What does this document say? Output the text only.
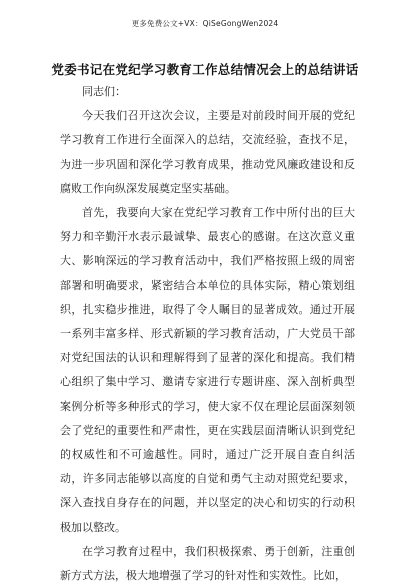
更多免费公文+VX：QiSeGongWen2024
党委书记在党纪学习教育工作总结情况会上的总结讲话

同志们：

今天我们召开这次会议，主要是对前段时间开展的党纪学习教育工作进行全面深入的总结，交流经验，查找不足，为进一步巩固和深化学习教育成果，推动党风廉政建设和反腐败工作向纵深发展奠定坚实基础。

首先，我要向大家在党纪学习教育工作中所付出的巨大努力和辛勤汗水表示最诚挚、最衷心的感谢。在这次意义重大、影响深远的学习教育活动中，我们严格按照上级的周密部署和明确要求，紧密结合本单位的具体实际，精心策划组织，扎实稳步推进，取得了令人瞩目的显著成效。通过开展一系列丰富多样、形式新颖的学习教育活动，广大党员干部对党纪国法的认识和理解得到了显著的深化和提高。我们精心组织了集中学习、邀请专家进行专题讲座、深入剖析典型案例分析等多种形式的学习，使大家不仅在理论层面深刻领会了党纪的重要性和严肃性，更在实践层面清晰认识到党纪的权威性和不可逾越性。同时，通过广泛开展自查自纠活动，许多同志能够以高度的自觉和勇气主动对照党纪要求，深入查找自身存在的问题，并以坚定的决心和切实的行动积极加以整改。

在学习教育过程中，我们积极探索、勇于创新，注重创新方式方法，极大地增强了学习的针对性和实效性。比如，
